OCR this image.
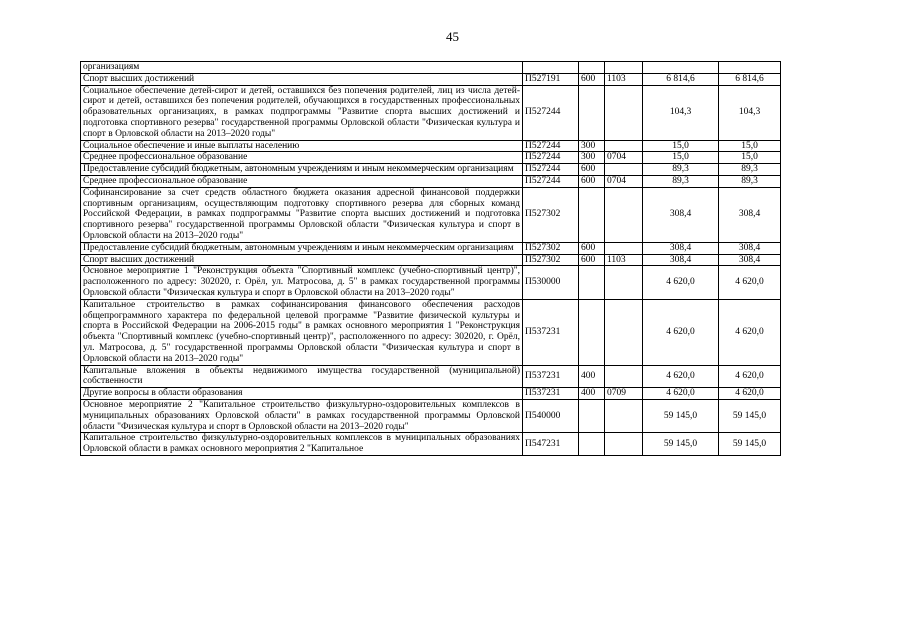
45
организациям					
Спорт высших достижений	П527191	600	1103	6 814,6	6 814,6
Социальное обеспечение детей-сирот и детей, оставшихся без попечения родителей, лиц из числа детей-сирот и детей, оставшихся без попечения родителей, обучающихся в государственных профессиональных образовательных организациях, в рамках подпрограммы "Развитие спорта высших достижений и подготовка спортивного резерва" государственной программы Орловской области "Физическая культура и спорт в Орловской области на 2013–2020 годы"	П527244			104,3	104,3
Социальное обеспечение и иные выплаты населению	П527244	300		15,0	15,0
Среднее профессиональное образование	П527244	300	0704	15,0	15,0
Предоставление субсидий бюджетным, автономным учреждениям и иным некоммерческим организациям	П527244	600		89,3	89,3
Среднее профессиональное образование	П527244	600	0704	89,3	89,3
Софинансирование за счет средств областного бюджета оказания адресной финансовой поддержки спортивным организациям, осуществляющим подготовку спортивного резерва для сборных команд Российской Федерации, в рамках подпрограммы "Развитие спорта высших достижений и подготовка спортивного резерва" государственной программы Орловской области "Физическая культура и спорт в Орловской области на 2013–2020 годы"	П527302			308,4	308,4
Предоставление субсидий бюджетным, автономным учреждениям и иным некоммерческим организациям	П527302	600		308,4	308,4
Спорт высших достижений	П527302	600	1103	308,4	308,4
Основное мероприятие 1 "Реконструкция объекта "Спортивный комплекс (учебно-спортивный центр)", расположенного по адресу: 302020, г. Орёл, ул. Матросова, д. 5" в рамках государственной программы Орловской области "Физическая культура и спорт в Орловской области на 2013–2020 годы"	П530000			4 620,0	4 620,0
Капитальное строительство в рамках софинансирования финансового обеспечения расходов общепрограммного характера по федеральной целевой программе "Развитие физической культуры и спорта в Российской Федерации на 2006-2015 годы" в рамках основного мероприятия 1 "Реконструкция объекта "Спортивный комплекс (учебно-спортивный центр)", расположенного по адресу: 302020, г. Орёл, ул. Матросова, д. 5" государственной программы Орловской области "Физическая культура и спорт в Орловской области на 2013–2020 годы"	П537231			4 620,0	4 620,0
Капитальные вложения в объекты недвижимого имущества государственной (муниципальной) собственности	П537231	400		4 620,0	4 620,0
Другие вопросы в области образования	П537231	400	0709	4 620,0	4 620,0
Основное мероприятие 2 "Капитальное строительство физкультурно-оздоровительных комплексов в муниципальных образованиях Орловской области" в рамках государственной программы Орловской области "Физическая культура и спорт в Орловской области на 2013–2020 годы"	П540000			59 145,0	59 145,0
Капитальное строительство физкультурно-оздоровительных комплексов в муниципальных образованиях Орловской области в рамках основного мероприятия 2 "Капитальное	П547231			59 145,0	59 145,0
